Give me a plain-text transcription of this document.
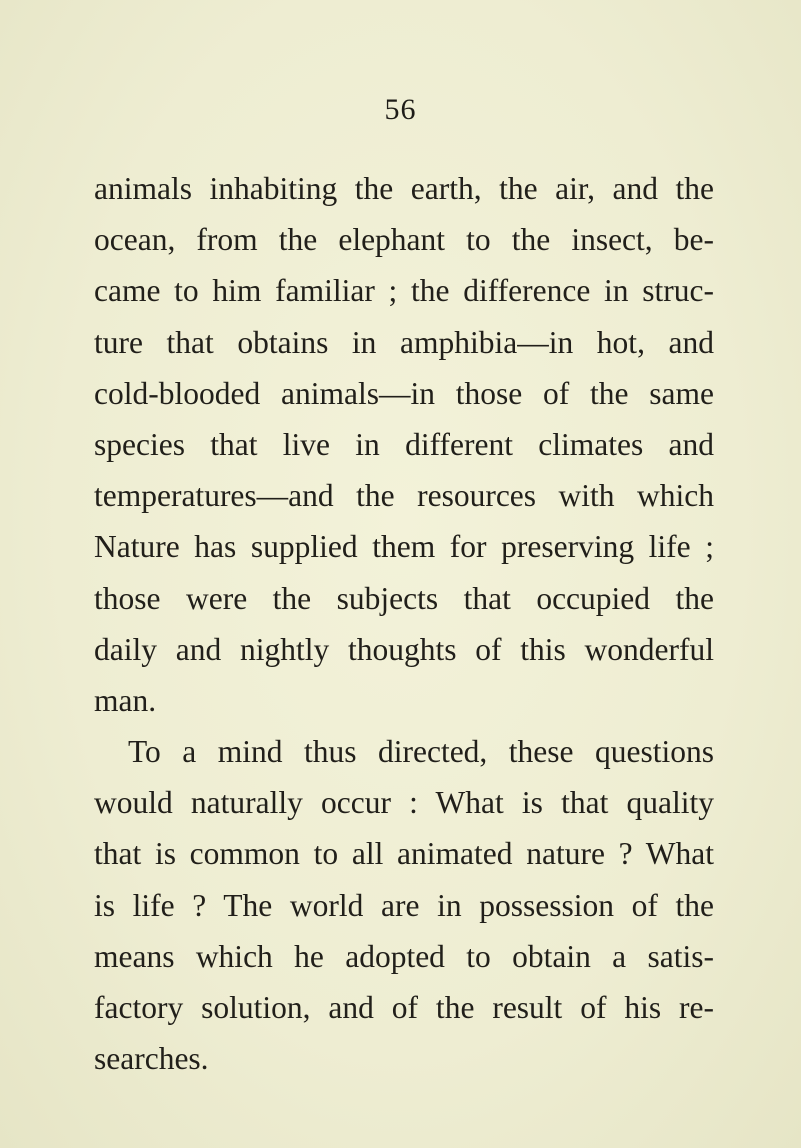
56
animals inhabiting the earth, the air, and the
ocean, from the elephant to the insect, be-
came to him familiar ; the difference in struc-
ture that obtains in amphibia—in hot, and
cold-blooded animals—in those of the same
species that live in different climates and
temperatures—and the resources with which
Nature has supplied them for preserving life ;
those were the subjects that occupied the
daily and nightly thoughts of this wonderful
man.
To a mind thus directed, these questions
would naturally occur : What is that quality
that is common to all animated nature ? What
is life ? The world are in possession of the
means which he adopted to obtain a satis-
factory solution, and of the result of his re-
searches.
